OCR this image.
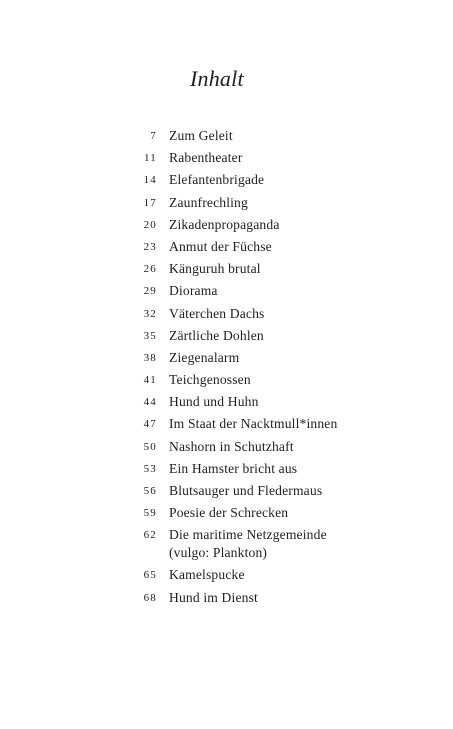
Inhalt
7 Zum Geleit
11 Rabentheater
14 Elefantenbrigade
17 Zaunfrechling
20 Zikadenpropaganda
23 Anmut der Füchse
26 Känguruh brutal
29 Diorama
32 Väterchen Dachs
35 Zärtliche Dohlen
38 Ziegenalarm
41 Teichgenossen
44 Hund und Huhn
47 Im Staat der Nacktmull*innen
50 Nashorn in Schutzhaft
53 Ein Hamster bricht aus
56 Blutsauger und Fledermaus
59 Poesie der Schrecken
62 Die maritime Netzgemeinde
(vulgo: Plankton)
65 Kamelspucke
68 Hund im Dienst
